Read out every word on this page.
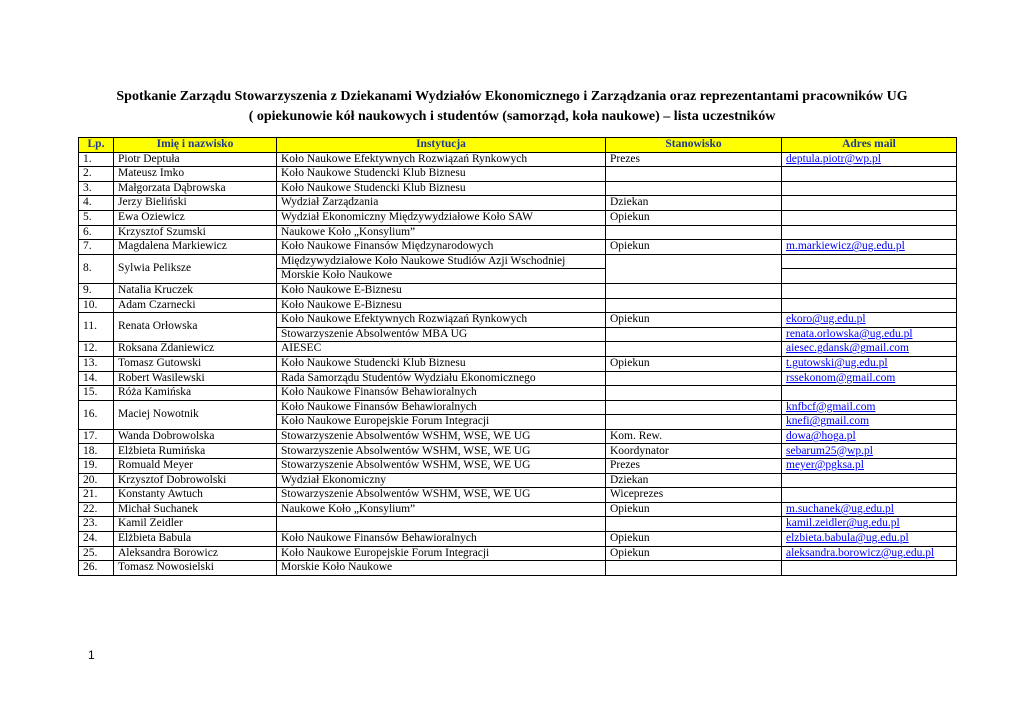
Spotkanie Zarządu Stowarzyszenia z Dziekanami Wydziałów Ekonomicznego i Zarządzania oraz reprezentantami pracowników UG
( opiekunowie kół naukowych i studentów (samorząd, koła naukowe) – lista uczestników
Lp.	Imię i nazwisko	Instytucja	Stanowisko	Adres mail
1.	Piotr Deptuła	Koło Naukowe Efektywnych Rozwiązań Rynkowych	Prezes	deptula.piotr@wp.pl
2.	Mateusz Imko	Koło Naukowe Studencki Klub Biznesu		
3.	Małgorzata Dąbrowska	Koło Naukowe Studencki Klub Biznesu		
4.	Jerzy Bieliński	Wydział Zarządzania	Dziekan	
5.	Ewa Oziewicz	Wydział Ekonomiczny Międzywydziałowe Koło SAW	Opiekun	
6.	Krzysztof Szumski	Naukowe Koło „Konsylium”		
7.	Magdalena Markiewicz	Koło Naukowe Finansów Międzynarodowych	Opiekun	m.markiewicz@ug.edu.pl
8.	Sylwia Peliksze	Międzywydziałowe Koło Naukowe Studiów Azji Wschodniej		
		Morskie Koło Naukowe		
9.	Natalia Kruczek	Koło Naukowe E-Biznesu		
10.	Adam Czarnecki	Koło Naukowe E-Biznesu		
11.	Renata Orłowska	Koło Naukowe Efektywnych Rozwiązań Rynkowych	Opiekun	ekoro@ug.edu.pl
		Stowarzyszenie Absolwentów MBA UG		renata.orlowska@ug.edu.pl
12.	Roksana Zdaniewicz	AIESEC		aiesec.gdansk@gmail.com
13.	Tomasz Gutowski	Koło Naukowe Studencki Klub Biznesu	Opiekun	t.gutowski@ug.edu.pl
14.	Robert Wasilewski	Rada Samorządu Studentów Wydziału Ekonomicznego		rssekonom@gmail.com
15.	Róża Kamińska	Koło Naukowe Finansów Behawioralnych		
16.	Maciej Nowotnik	Koło Naukowe Finansów Behawioralnych		knfbcf@gmail.com
		Koło Naukowe Europejskie Forum Integracji		knefi@gmail.com
17.	Wanda Dobrowolska	Stowarzyszenie Absolwentów WSHM, WSE, WE UG	Kom. Rew.	dowa@hoga.pl
18.	Elżbieta Rumińska	Stowarzyszenie Absolwentów WSHM, WSE, WE UG	Koordynator	sebarum25@wp.pl
19.	Romuald Meyer	Stowarzyszenie Absolwentów WSHM, WSE, WE UG	Prezes	meyer@pgksa.pl
20.	Krzysztof Dobrowolski	Wydział Ekonomiczny	Dziekan	
21.	Konstanty Awtuch	Stowarzyszenie Absolwentów WSHM, WSE, WE UG	Wiceprezes	
22.	Michał Suchanek	Naukowe Koło „Konsylium”	Opiekun	m.suchanek@ug.edu.pl
23.	Kamil Zeidler			kamil.zeidler@ug.edu.pl
24.	Elżbieta Babula	Koło Naukowe Finansów Behawioralnych	Opiekun	elzbieta.babula@ug.edu.pl
25.	Aleksandra Borowicz	Koło Naukowe Europejskie Forum Integracji	Opiekun	aleksandra.borowicz@ug.edu.pl
26.	Tomasz Nowosielski	Morskie Koło Naukowe		
1
